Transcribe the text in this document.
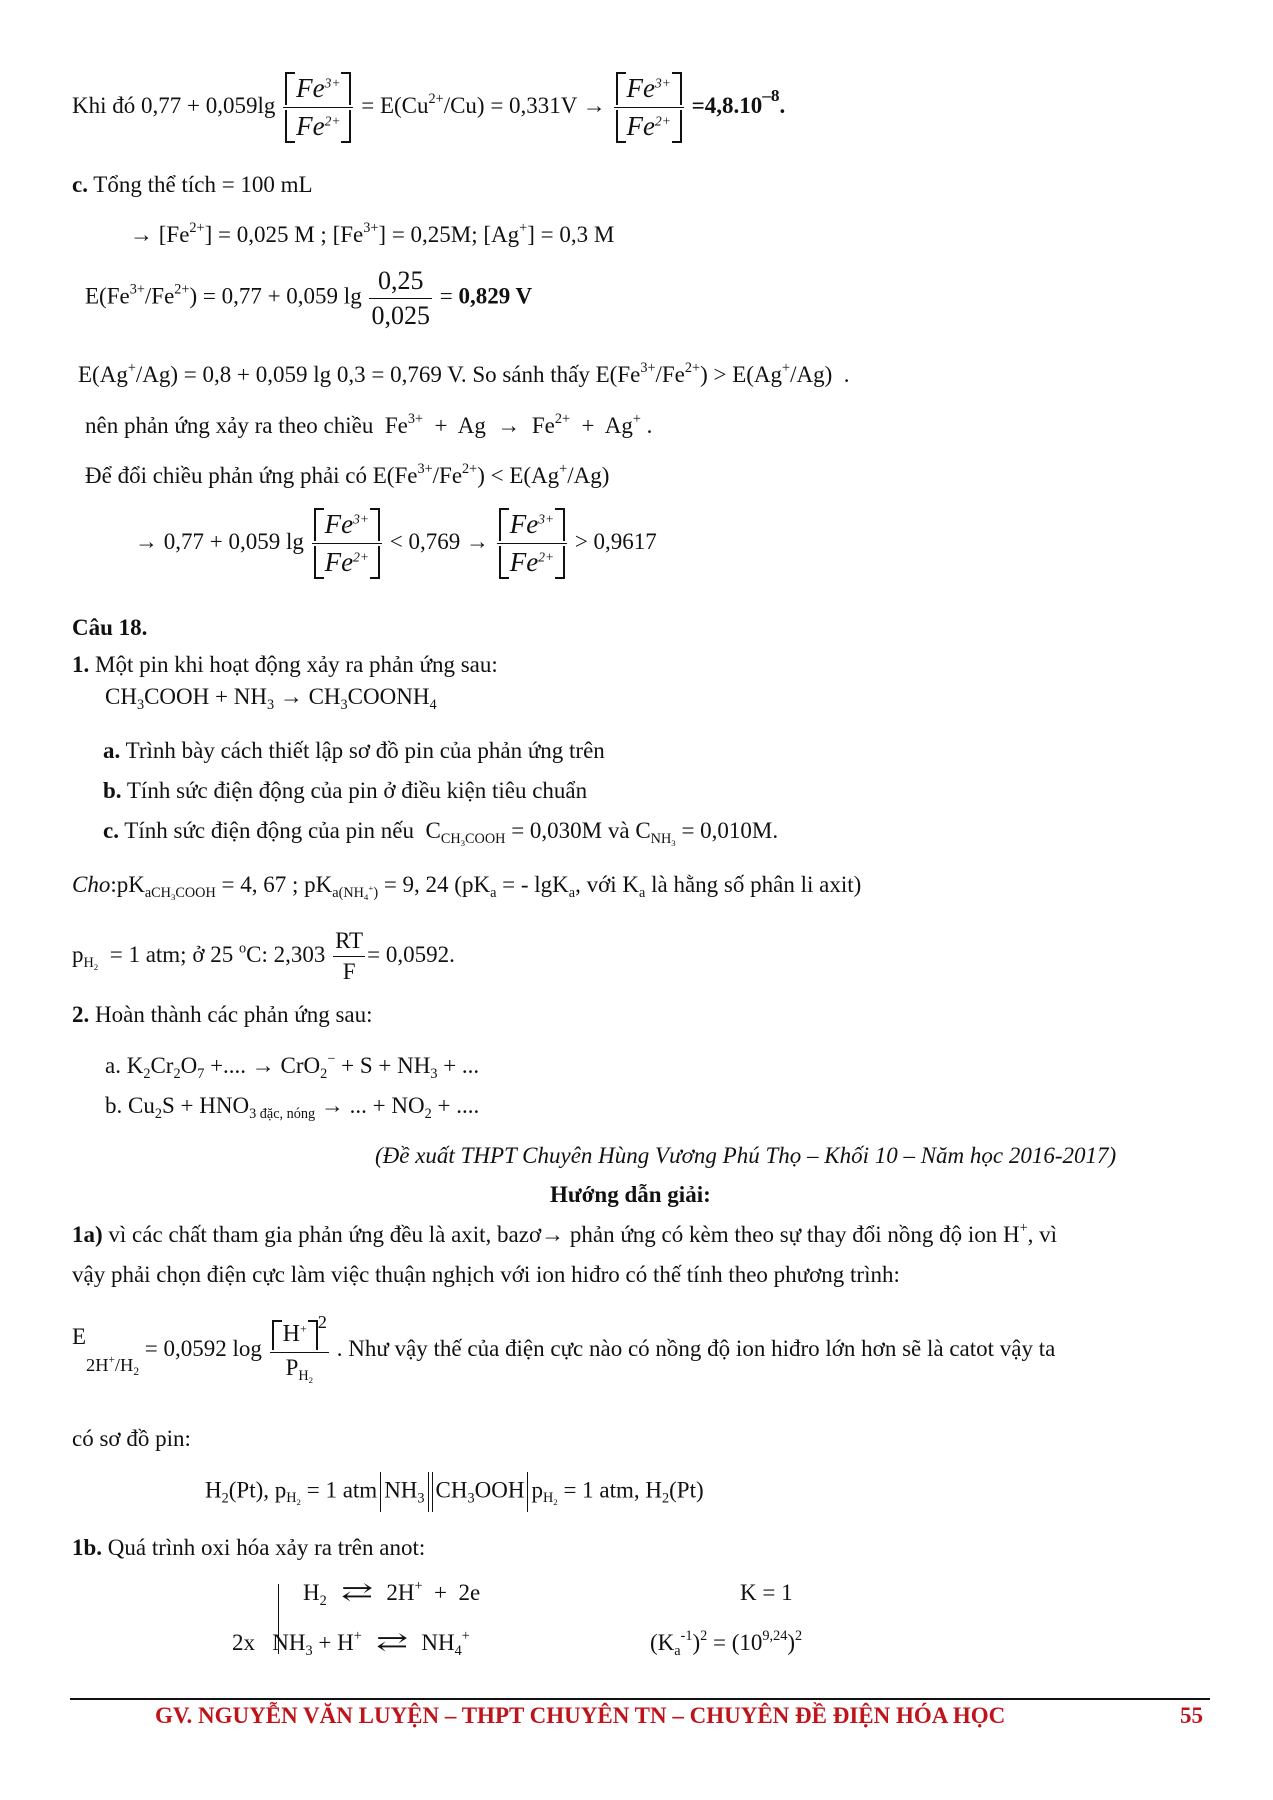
Khi đó $0,77 + 0,059\lg \frac{Fe^{3+}}{Fe^{2+}} = E(Cu^{2+}/Cu) = 0,331V \to \frac{Fe^{3+}}{Fe^{2+}} =4,8.10^{-8}$.
c. Tổng thể tích = 100 mL
→ $[Fe^{2+}] = 0,025$ M ; $[Fe^{3+}] = 0,25M$; [Ag+] = 0,3 M
$E(Fe^{3+}/Fe^{2+}) = 0,77 + 0,059$ $\lg \frac{0,25}{0,025} = 0,829$ V
E(Ag+/Ag) = 0,8 + 0,059 lg 0,3 = 0,769 V. So sánh thấy $E(Fe^{3+}/Fe^{2+}) > E(Ag^+/Ag)$  .
nên phản ứng xảy ra theo chiều  $Fe^{3+} + Ag \to Fe^{2+} + Ag^+$ .
Để đổi chiều phản ứng phải có $E(Fe^{3+}/Fe^{2+}) < E(Ag^+/Ag)$
→ 0,77 + 0,059 $\lg \frac{Fe^{3+}}{Fe^{2+}} < 0,769 \to \frac{Fe^{3+}}{Fe^{2+}} > 0,9617$
Câu 18.
1. Một pin khi hoạt động xảy ra phản ứng sau:
$CH_3COOH + NH_3$ → $CH_3COONH_4$
a. Trình bày cách thiết lập sơ đồ pin của phản ứng trên
b. Tính sức điện động của pin ở điều kiện tiêu chuẩn
c. Tính sức điện động của pin nếu  $C_{CH_3COOH} = 0,030M$ và $C_{NH_3} = 0,010M$.
$Cho:pK_{aCH_3COOH} = 4$, 67 ; $pK_{a(NH_4^+)} = 9$, 24 ($pK_a$ = - lgK$_a$, với $K_a$ là hằng số phân li axit)
$p_{H_2} = 1$ atm; ở 25 $^o$C: $2,303 \frac{RT}{F} = 0,0592$.
2. Hoàn thành các phản ứng sau:
a. $K_2Cr_2O_7$ +.... → $CrO_2^- + S + NH_3$ + ...
b. $Cu_2S + HNO_{3 đặc, nóng}$ → ... + $NO_2$ + ....
(Đề xuất THPT Chuyên Hùng Vương Phú Thọ – Khối 10 – Năm học 2016-2017)
Hướng dẫn giải:
1a) vì các chất tham gia phản ứng đều là axit, bazơ→ phản ứng có kèm theo sự thay đổi nồng độ ion H+, vì
vậy phải chọn điện cực làm việc thuận nghịch với ion hiđro có thế tính theo phương trình:
E
$2H^+/H_2 = 0,0592$ $\log \frac{H^+ ^2}{P_{H_2}}$ . Như vậy thế của điện cực nào có nồng độ ion hiđro lớn hơn sẽ là catot vậy ta
có sơ đồ pin:
$H_2(Pt)$, $p_{H_2} = 1$ atm $NH_3$ $CH_3OOH$ $p_{H_2} = 1$ atm, $H_2(Pt)$
1b. Quá trình oxi hóa xảy ra trên anot:
$H_2$ ⇄ 2H+  +  2e	K = 1
2x   $NH_3 + H^+$ ⇄ $NH_4^+$	$(K_a^{-1})^2 = (10^{9,24})^2$
GV. NGUYỄN VĂN LUYỆN – THPT CHUYÊN TN – CHUYÊN ĐỀ ĐIỆN HÓA HỌC	55
